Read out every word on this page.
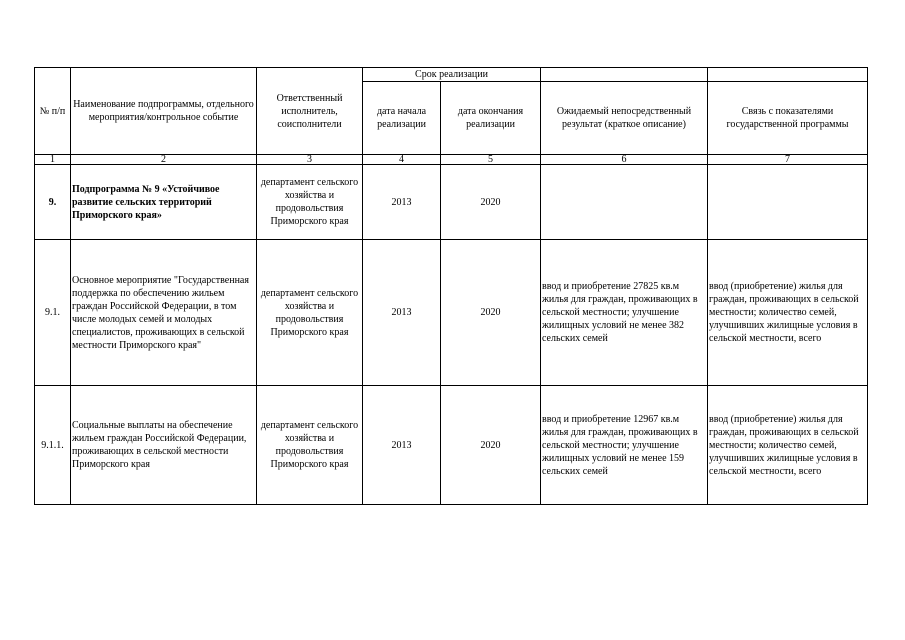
№ п/п	Наименование подпрограммы, отдельного мероприятия/контрольное событие	Ответственный исполнитель, соисполнители	Срок реализации			
			дата начала реализации	дата окончания реализации	Ожидаемый непосредственный результат (краткое описание)	Связь с показателями государственной программы
1	2	3	4	5	6	7
9.	Подпрограмма № 9 «Устойчивое развитие сельских территорий Приморского края»	департамент сельского хозяйства и продовольствия Приморского края	2013	2020		
9.1.	Основное мероприятие "Государственная поддержка по обеспечению жильем граждан Российской Федерации, в том числе молодых семей и молодых специалистов, проживающих в сельской местности Приморского края"	департамент сельского хозяйства и продовольствия Приморского края	2013	2020	ввод и приобретение 27825 кв.м жилья для граждан, проживающих в сельской местности; улучшение жилищных условий не менее 382 сельских семей	ввод (приобретение) жилья для граждан, проживающих в сельской местности; количество семей, улучшивших жилищные условия в сельской местности, всего
9.1.1.	Социальные выплаты на обеспечение жильем граждан Российской Федерации, проживающих в сельской местности Приморского края	департамент сельского хозяйства и продовольствия Приморского края	2013	2020	ввод и приобретение 12967 кв.м жилья для граждан, проживающих в сельской местности; улучшение жилищных условий не менее 159 сельских семей	ввод (приобретение) жилья для граждан, проживающих в сельской местности; количество семей, улучшивших жилищные условия в сельской местности, всего
